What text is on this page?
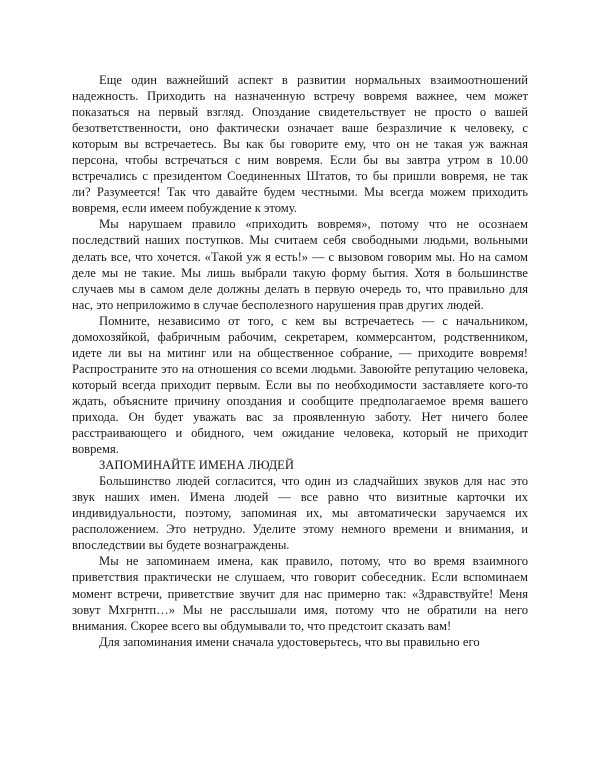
Еще один важнейший аспект в развитии нормальных взаимоотношений надежность. Приходить на назначенную встречу вовремя важнее, чем может показаться на первый взгляд. Опоздание свидетельствует не просто о вашей безответственности, оно фактически означает ваше безразличие к человеку, с которым вы встречаетесь. Вы как бы говорите ему, что он не такая уж важная персона, чтобы встречаться с ним вовремя. Если бы вы завтра утром в 10.00 встречались с президентом Соединенных Штатов, то бы пришли вовремя, не так ли? Разумеется! Так что давайте будем честными. Мы всегда можем приходить вовремя, если имеем побуждение к этому.

Мы нарушаем правило «приходить вовремя», потому что не осознаем последствий наших поступков. Мы считаем себя свободными людьми, вольными делать все, что хочется. «Такой уж я есть!» — с вызовом говорим мы. Но на самом деле мы не такие. Мы лишь выбрали такую форму бытия. Хотя в большинстве случаев мы в самом деле должны делать в первую очередь то, что правильно для нас, это неприложимо в случае бесполезного нарушения прав других людей.

Помните, независимо от того, с кем вы встречаетесь — с начальником, домохозяйкой, фабричным рабочим, секретарем, коммерсантом, родственником, идете ли вы на митинг или на общественное собрание, — приходите вовремя! Распространите это на отношения со всеми людьми. Завоюйте репутацию человека, который всегда приходит первым. Если вы по необходимости заставляете кого-то ждать, объясните причину опоздания и сообщите предполагаемое время вашего прихода. Он будет уважать вас за проявленную заботу. Нет ничего более расстраивающего и обидного, чем ожидание человека, который не приходит вовремя.

ЗАПОМИНАЙТЕ ИМЕНА ЛЮДЕЙ

Большинство людей согласится, что один из сладчайших звуков для нас это звук наших имен. Имена людей — все равно что визитные карточки их индивидуальности, поэтому, запоминая их, мы автоматически заручаемся их расположением. Это нетрудно. Уделите этому немного времени и внимания, и впоследствии вы будете вознаграждены.

Мы не запоминаем имена, как правило, потому, что во время взаимного приветствия практически не слушаем, что говорит собеседник. Если вспоминаем момент встречи, приветствие звучит для нас примерно так: «Здравствуйте! Меня зовут Мхгрнтп…» Мы не расслышали имя, потому что не обратили на него внимания. Скорее всего вы обдумывали то, что предстоит сказать вам!

Для запоминания имени сначала удостоверьтесь, что вы правильно его
